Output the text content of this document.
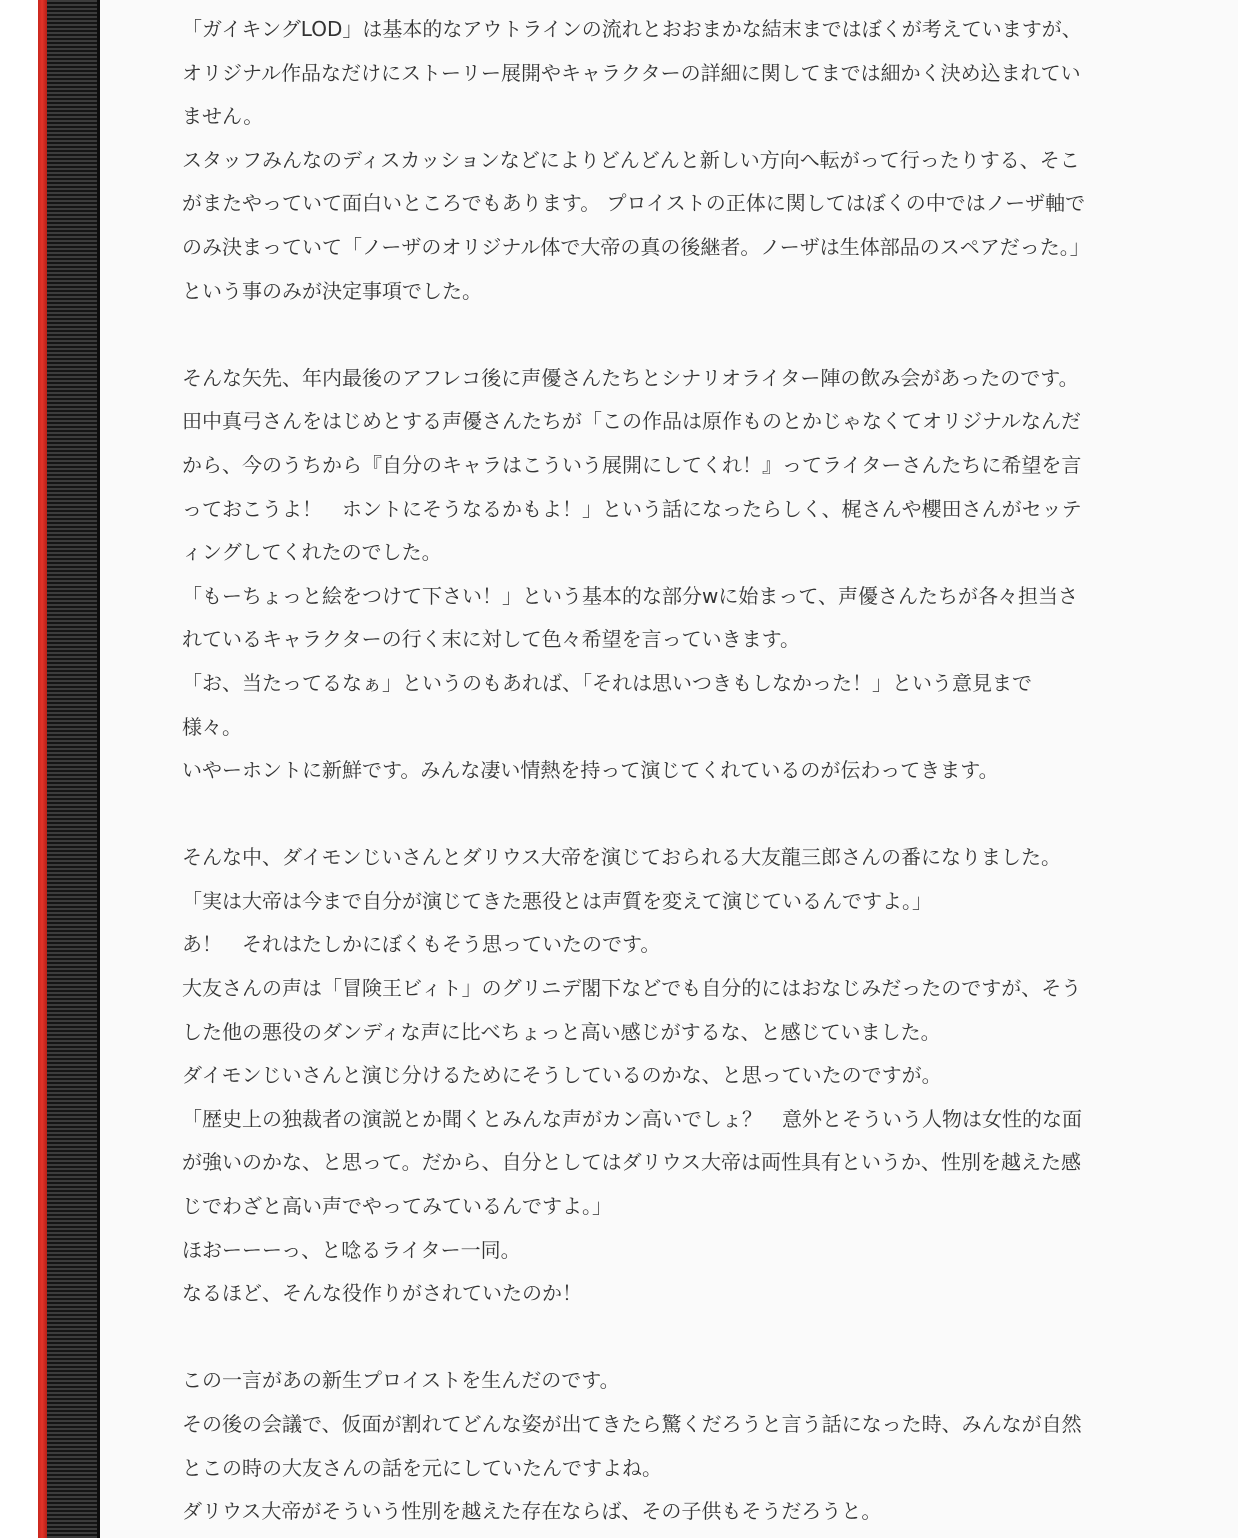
「ガイキングLOD」は基本的なアウトラインの流れとおおまかな結末まではぼくが考えていますが、
オリジナル作品なだけにストーリー展開やキャラクターの詳細に関してまでは細かく決め込まれてい
ません。
スタッフみんなのディスカッションなどによりどんどんと新しい方向へ転がって行ったりする、そこ
がまたやっていて面白いところでもあります。 プロイストの正体に関してはぼくの中ではノーザ軸で
のみ決まっていて「ノーザのオリジナル体で大帝の真の後継者。ノーザは生体部品のスペアだった。」
という事のみが決定事項でした。
そんな矢先、年内最後のアフレコ後に声優さんたちとシナリオライター陣の飲み会があったのです。
田中真弓さんをはじめとする声優さんたちが「この作品は原作ものとかじゃなくてオリジナルなんだ
から、今のうちから『自分のキャラはこういう展開にしてくれ！』ってライターさんたちに希望を言
っておこうよ！　ホントにそうなるかもよ！」という話になったらしく、梶さんや櫻田さんがセッテ
ィングしてくれたのでした。
「もーちょっと絵をつけて下さい！」という基本的な部分wに始まって、声優さんたちが各々担当さ
れているキャラクターの行く末に対して色々希望を言っていきます。
「お、当たってるなぁ」というのもあれば、「それは思いつきもしなかった！」という意見まで
様々。
いやーホントに新鮮です。みんな凄い情熱を持って演じてくれているのが伝わってきます。
そんな中、ダイモンじいさんとダリウス大帝を演じておられる大友龍三郎さんの番になりました。
「実は大帝は今まで自分が演じてきた悪役とは声質を変えて演じているんですよ。」
あ！　それはたしかにぼくもそう思っていたのです。
大友さんの声は「冒険王ビィト」のグリニデ閣下などでも自分的にはおなじみだったのですが、そう
した他の悪役のダンディな声に比べちょっと高い感じがするな、と感じていました。
ダイモンじいさんと演じ分けるためにそうしているのかな、と思っていたのですが。
「歴史上の独裁者の演説とか聞くとみんな声がカン高いでしょ？　意外とそういう人物は女性的な面
が強いのかな、と思って。だから、自分としてはダリウス大帝は両性具有というか、性別を越えた感
じでわざと高い声でやってみているんですよ。」
ほおーーーっ、と唸るライター一同。
なるほど、そんな役作りがされていたのか！
この一言があの新生プロイストを生んだのです。
その後の会議で、仮面が割れてどんな姿が出てきたら驚くだろうと言う話になった時、みんなが自然
とこの時の大友さんの話を元にしていたんですよね。
ダリウス大帝がそういう性別を越えた存在ならば、その子供もそうだろうと。
